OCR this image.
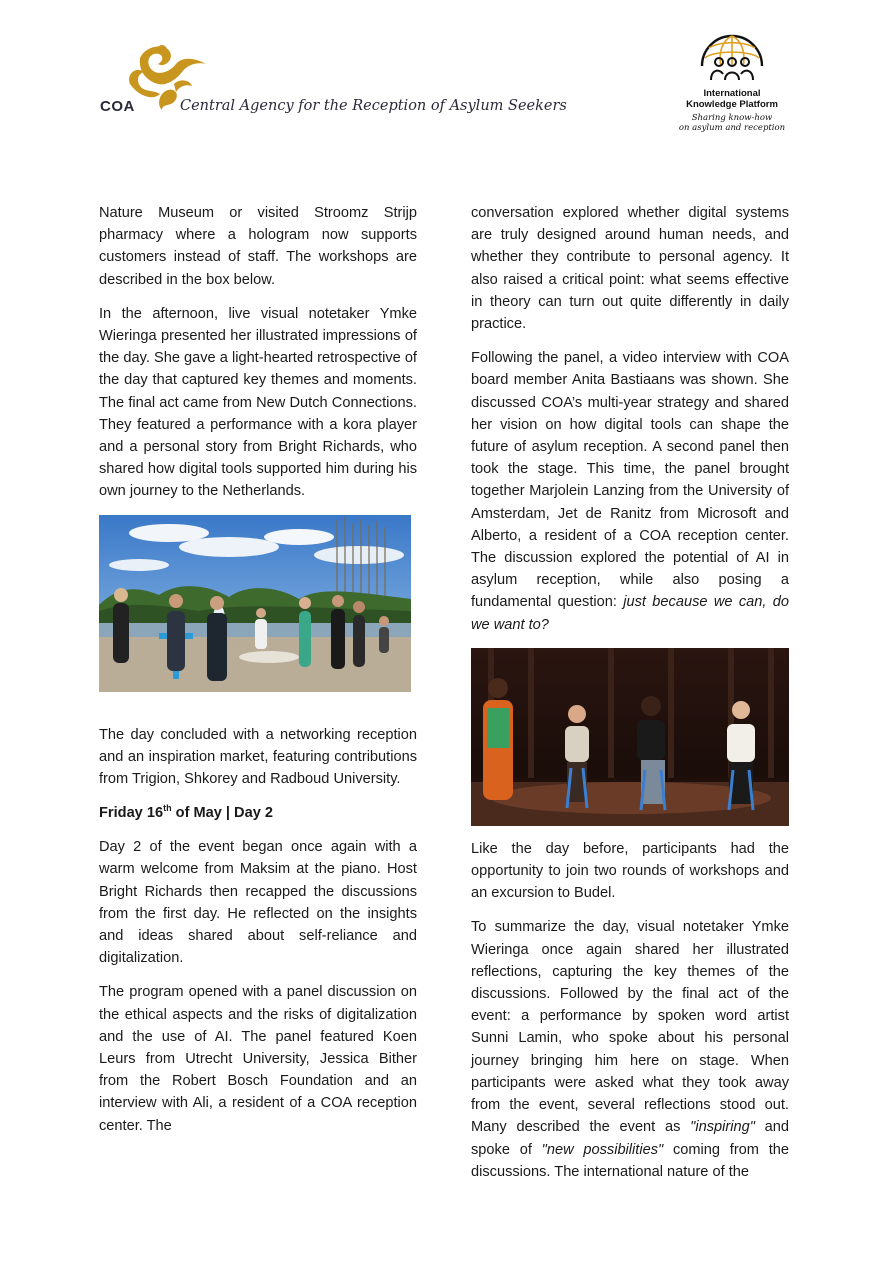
COA	Central Agency for the Reception of Asylum Seekers
International
Knowledge Platform
Sharing know-how
on asylum and reception

Nature Museum or visited Stroomz Strijp pharmacy where a hologram now supports customers instead of staff. The workshops are described in the box below.

In the afternoon, live visual notetaker Ymke Wieringa presented her illustrated impressions of the day. She gave a light-hearted retrospective of the day that captured key themes and moments. The final act came from New Dutch Connections. They featured a performance with a kora player and a personal story from Bright Richards, who shared how digital tools supported him during his own journey to the Netherlands.

The day concluded with a networking reception and an inspiration market, featuring contributions from Trigion, Shkorey and Radboud University.

Friday 16th of May | Day 2

Day 2 of the event began once again with a warm welcome from Maksim at the piano. Host Bright Richards then recapped the discussions from the first day. He reflected on the insights and ideas shared about self-reliance and digitalization.

The program opened with a panel discussion on the ethical aspects and the risks of digitalization and the use of AI. The panel featured Koen Leurs from Utrecht University, Jessica Bither from the Robert Bosch Foundation and an interview with Ali, a resident of a COA reception center. The

conversation explored whether digital systems are truly designed around human needs, and whether they contribute to personal agency. It also raised a critical point: what seems effective in theory can turn out quite differently in daily practice.

Following the panel, a video interview with COA board member Anita Bastiaans was shown. She discussed COA’s multi-year strategy and shared her vision on how digital tools can shape the future of asylum reception. A second panel then took the stage. This time, the panel brought together Marjolein Lanzing from the University of Amsterdam, Jet de Ranitz from Microsoft and Alberto, a resident of a COA reception center. The discussion explored the potential of AI in asylum reception, while also posing a fundamental question: just because we can, do we want to?

Like the day before, participants had the opportunity to join two rounds of workshops and an excursion to Budel.

To summarize the day, visual notetaker Ymke Wieringa once again shared her illustrated reflections, capturing the key themes of the discussions. Followed by the final act of the event: a performance by spoken word artist Sunni Lamin, who spoke about his personal journey bringing him here on stage. When participants were asked what they took away from the event, several reflections stood out. Many described the event as "inspiring" and spoke of "new possibilities" coming from the discussions. The international nature of the
